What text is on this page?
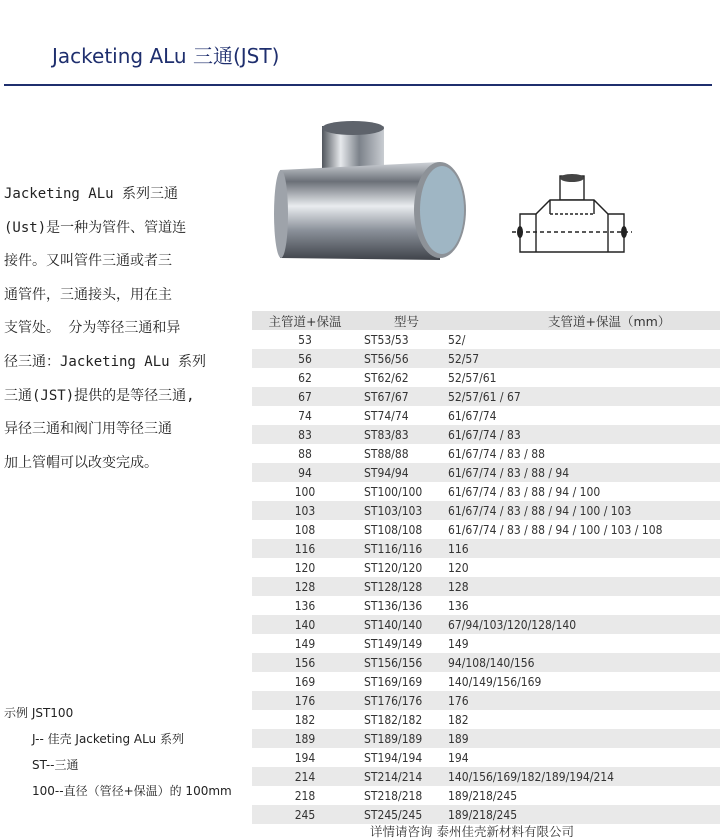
Jacketing ALu 三通(JST)
Jacketing ALu 系列三通
(Ust)是一种为管件、管道连
接件。又叫管件三通或者三
通管件，三通接头，用在主
支管处。 分为等径三通和异
径三通：Jacketing ALu 系列
三通(JST)提供的是等径三通,
异径三通和阀门用等径三通
加上管帽可以改变完成。
主管道+保温	型号	支管道+保温（mm）
53	ST53/53	52/
56	ST56/56	52/57
62	ST62/62	52/57/61
67	ST67/67	52/57/61 / 67
74	ST74/74	61/67/74
83	ST83/83	61/67/74 / 83
88	ST88/88	61/67/74 / 83 / 88
94	ST94/94	61/67/74 / 83 / 88 / 94
100	ST100/100	61/67/74 / 83 / 88 / 94 / 100
103	ST103/103	61/67/74 / 83 / 88 / 94 / 100 / 103
108	ST108/108	61/67/74 / 83 / 88 / 94 / 100 / 103 / 108
116	ST116/116	116
120	ST120/120	120
128	ST128/128	128
136	ST136/136	136
140	ST140/140	67/94/103/120/128/140
149	ST149/149	149
156	ST156/156	94/108/140/156
169	ST169/169	140/149/156/169
176	ST176/176	176
182	ST182/182	182
189	ST189/189	189
194	ST194/194	194
214	ST214/214	140/156/169/182/189/194/214
218	ST218/218	189/218/245
245	ST245/245	189/218/245
示例 JST100
J-- 佳壳 Jacketing ALu 系列
ST--三通
100--直径（管径+保温）的 100mm
详情请咨询 泰州佳壳新材料有限公司
